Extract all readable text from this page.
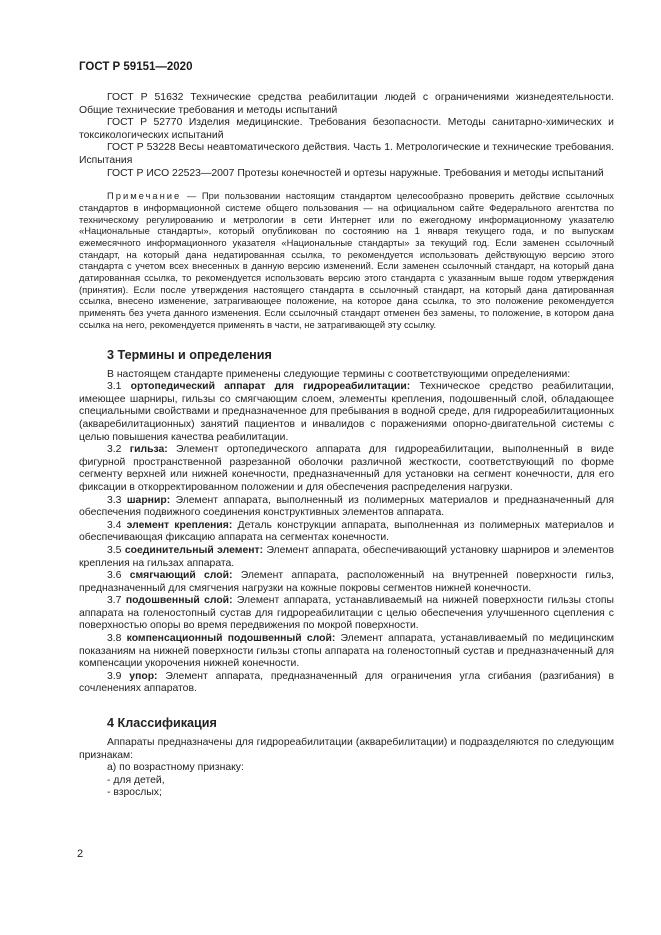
ГОСТ Р 59151—2020

ГОСТ Р 51632 Технические средства реабилитации людей с ограничениями жизнедеятельности. Общие технические требования и методы испытаний

ГОСТ Р 52770 Изделия медицинские. Требования безопасности. Методы санитарно-химических и токсикологических испытаний

ГОСТ Р 53228 Весы неавтоматического действия. Часть 1. Метрологические и технические требования. Испытания

ГОСТ Р ИСО 22523—2007 Протезы конечностей и ортезы наружные. Требования и методы испытаний

Примечание — При пользовании настоящим стандартом целесообразно проверить действие ссылочных стандартов в информационной системе общего пользования — на официальном сайте Федерального агентства по техническому регулированию и метрологии в сети Интернет или по ежегодному информационному указателю «Национальные стандарты», который опубликован по состоянию на 1 января текущего года, и по выпускам ежемесячного информационного указателя «Национальные стандарты» за текущий год. Если заменен ссылочный стандарт, на который дана недатированная ссылка, то рекомендуется использовать действующую версию этого стандарта с учетом всех внесенных в данную версию изменений. Если заменен ссылочный стандарт, на который дана датированная ссылка, то рекомендуется использовать версию этого стандарта с указанным выше годом утверждения (принятия). Если после утверждения настоящего стандарта в ссылочный стандарт, на который дана датированная ссылка, внесено изменение, затрагивающее положение, на которое дана ссылка, то это положение рекомендуется применять без учета данного изменения. Если ссылочный стандарт отменен без замены, то положение, в котором дана ссылка на него, рекомендуется применять в части, не затрагивающей эту ссылку.

3 Термины и определения

В настоящем стандарте применены следующие термины с соответствующими определениями:

3.1 ортопедический аппарат для гидрореабилитации: Техническое средство реабилитации, имеющее шарниры, гильзы со смягчающим слоем, элементы крепления, подошвенный слой, обладающее специальными свойствами и предназначенное для пребывания в водной среде, для гидрореабилитационных (акваребилитационных) занятий пациентов и инвалидов с поражениями опорно-двигательной системы с целью повышения качества реабилитации.

3.2 гильза: Элемент ортопедического аппарата для гидрореабилитации, выполненный в виде фигурной пространственной разрезанной оболочки различной жесткости, соответствующий по форме сегменту верхней или нижней конечности, предназначенный для установки на сегмент конечности, для его фиксации в откорректированном положении и для обеспечения распределения нагрузки.

3.3 шарнир: Элемент аппарата, выполненный из полимерных материалов и предназначенный для обеспечения подвижного соединения конструктивных элементов аппарата.

3.4 элемент крепления: Деталь конструкции аппарата, выполненная из полимерных материалов и обеспечивающая фиксацию аппарата на сегментах конечности.

3.5 соединительный элемент: Элемент аппарата, обеспечивающий установку шарниров и элементов крепления на гильзах аппарата.

3.6 смягчающий слой: Элемент аппарата, расположенный на внутренней поверхности гильз, предназначенный для смягчения нагрузки на кожные покровы сегментов нижней конечности.

3.7 подошвенный слой: Элемент аппарата, устанавливаемый на нижней поверхности гильзы стопы аппарата на голеностопный сустав для гидрореабилитации с целью обеспечения улучшенного сцепления с поверхностью опоры во время передвижения по мокрой поверхности.

3.8 компенсационный подошвенный слой: Элемент аппарата, устанавливаемый по медицинским показаниям на нижней поверхности гильзы стопы аппарата на голеностопный сустав и предназначенный для компенсации укорочения нижней конечности.

3.9 упор: Элемент аппарата, предназначенный для ограничения угла сгибания (разгибания) в сочленениях аппаратов.

4 Классификация

Аппараты предназначены для гидрореабилитации (акваребилитации) и подразделяются по следующим признакам:

а) по возрастному признаку:

- для детей,

- взрослых;

2
